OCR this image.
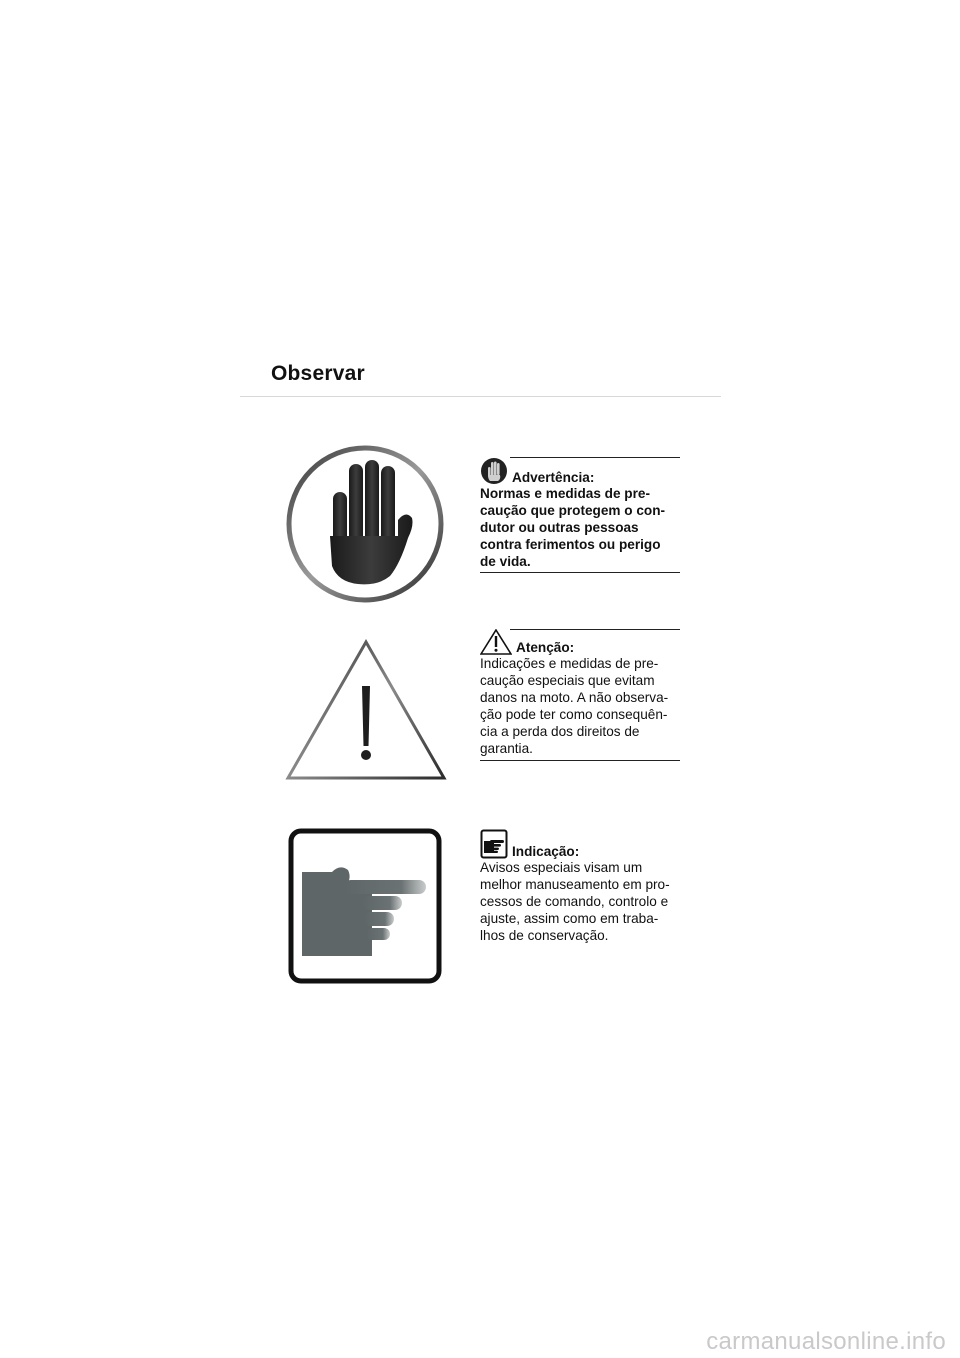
Observar
Advertência:
Normas e medidas de pre-caução que protegem o con-dutor ou outras pessoas contra ferimentos ou perigo de vida.
Atenção:
Indicações e medidas de pre-caução especiais que evitam danos na moto. A não observa-ção pode ter como consequên-cia a perda dos direitos de garantia.
Indicação:
Avisos especiais visam um melhor manuseamento em pro-cessos de comando, controlo e ajuste, assim como em traba-lhos de conservação.
carmanualsonline.info
